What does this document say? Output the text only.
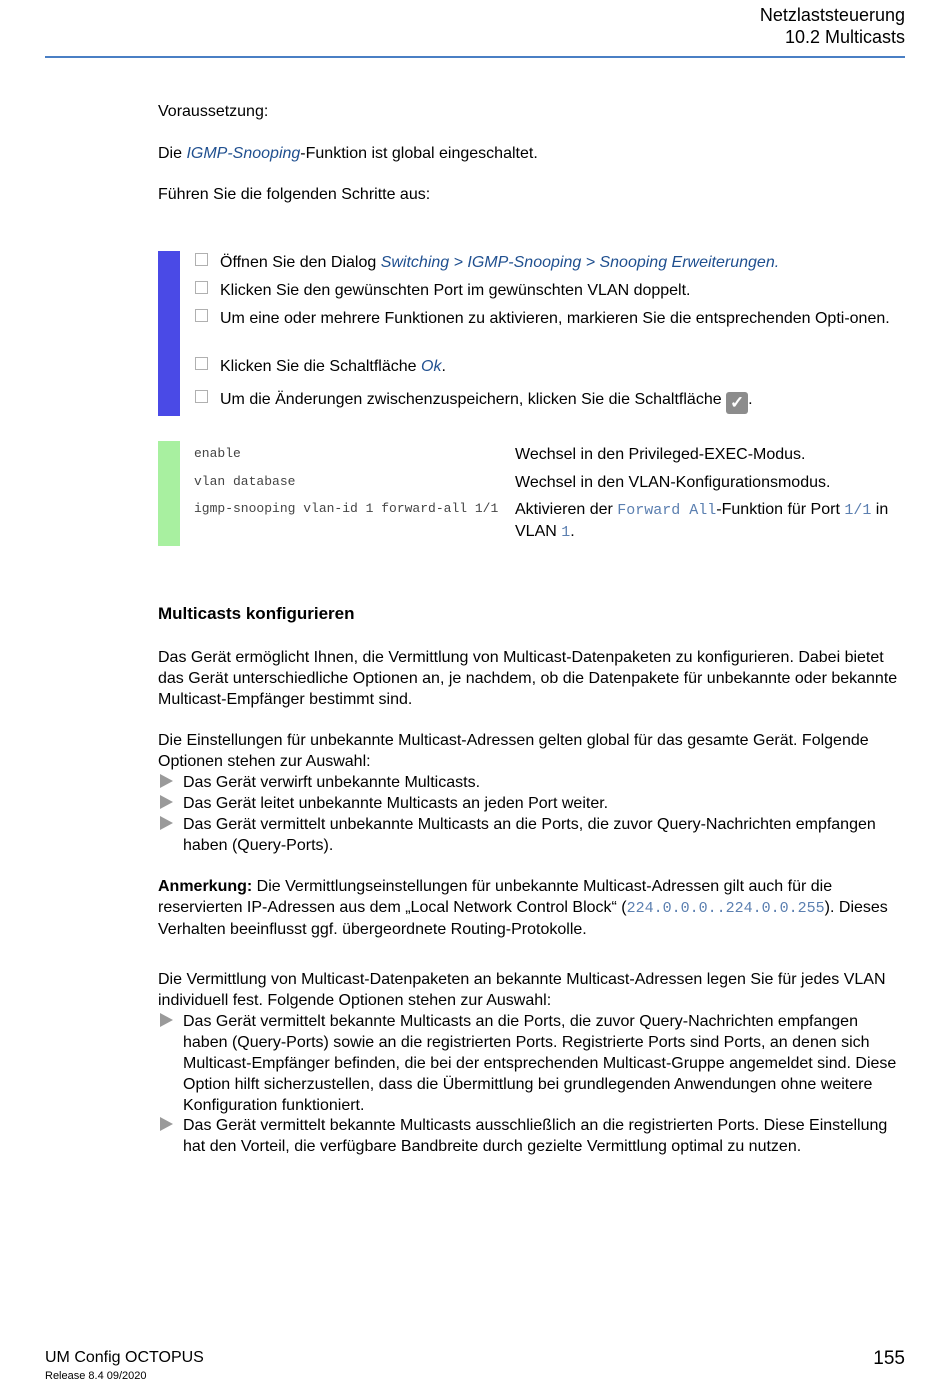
Netzlaststeuerung
10.2 Multicasts
Voraussetzung:
Die IGMP-Snooping-Funktion ist global eingeschaltet.
Führen Sie die folgenden Schritte aus:
Öffnen Sie den Dialog Switching > IGMP-Snooping > Snooping Erweiterungen.
Klicken Sie den gewünschten Port im gewünschten VLAN doppelt.
Um eine oder mehrere Funktionen zu aktivieren, markieren Sie die entsprechenden Opti-onen.
Klicken Sie die Schaltfläche Ok.
Um die Änderungen zwischenzuspeichern, klicken Sie die Schaltfläche ✓ .
enable	Wechsel in den Privileged-EXEC-Modus.
vlan database	Wechsel in den VLAN-Konfigurationsmodus.
igmp-snooping vlan-id 1 forward-all 1/1 Aktivieren der Forward All-Funktion für Port 1/1 in VLAN 1.
Multicasts konfigurieren
Das Gerät ermöglicht Ihnen, die Vermittlung von Multicast-Datenpaketen zu konfigurieren. Dabei bietet das Gerät unterschiedliche Optionen an, je nachdem, ob die Datenpakete für unbekannte oder bekannte Multicast-Empfänger bestimmt sind.
Die Einstellungen für unbekannte Multicast-Adressen gelten global für das gesamte Gerät. Folgende Optionen stehen zur Auswahl:
Das Gerät verwirft unbekannte Multicasts.
Das Gerät leitet unbekannte Multicasts an jeden Port weiter.
Das Gerät vermittelt unbekannte Multicasts an die Ports, die zuvor Query-Nachrichten empfangen haben (Query-Ports).
Anmerkung: Die Vermittlungseinstellungen für unbekannte Multicast-Adressen gilt auch für die reservierten IP-Adressen aus dem „Local Network Control Block“ (224.0.0.0..224.0.0.255). Dieses Verhalten beeinflusst ggf. übergeordnete Routing-Protokolle.
Die Vermittlung von Multicast-Datenpaketen an bekannte Multicast-Adressen legen Sie für jedes VLAN individuell fest. Folgende Optionen stehen zur Auswahl:
Das Gerät vermittelt bekannte Multicasts an die Ports, die zuvor Query-Nachrichten empfangen haben (Query-Ports) sowie an die registrierten Ports. Registrierte Ports sind Ports, an denen sich Multicast-Empfänger befinden, die bei der entsprechenden Multicast-Gruppe angemeldet sind. Diese Option hilft sicherzustellen, dass die Übermittlung bei grundlegenden Anwendungen ohne weitere Konfiguration funktioniert.
Das Gerät vermittelt bekannte Multicasts ausschließlich an die registrierten Ports. Diese Einstellung hat den Vorteil, die verfügbare Bandbreite durch gezielte Vermittlung optimal zu nutzen.
UM Config OCTOPUS
Release 8.4 09/2020
155
